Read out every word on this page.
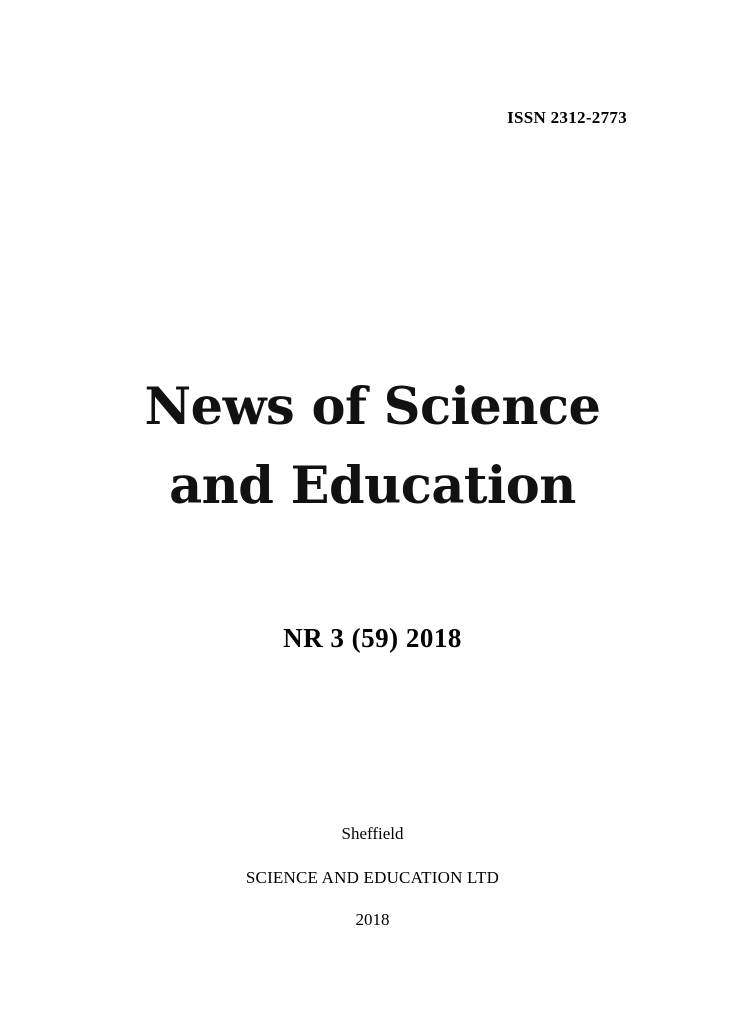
ISSN 2312-2773
News of Science
and Education
NR 3 (59) 2018
Sheffield
SCIENCE AND EDUCATION LTD
2018
